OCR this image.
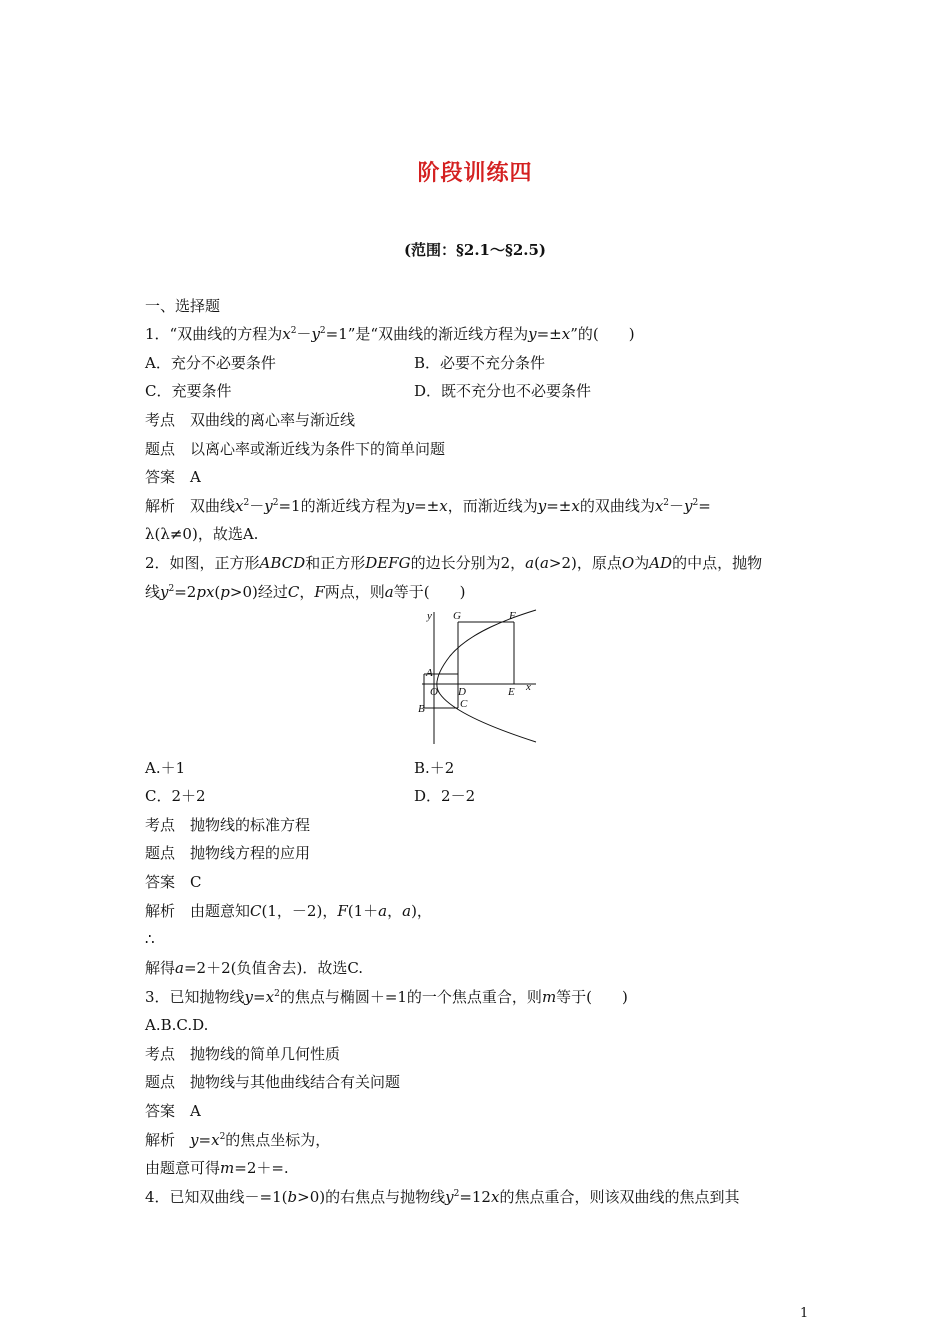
阶段训练四
(范围：§2.1～§2.5)
一、选择题
1．“双曲线的方程为$x^2-y^2=1$”是“双曲线的渐近线方程为y=±x”的(　　)
A．充分不必要条件	B．必要不充分条件
C．充要条件	D．既不充分也不必要条件
考点　 双曲线的离心率与渐近线
题点　 以离心率或渐近线为条件下的简单问题
答案　 A
解析　 双曲线$x^2-y^2=1$的渐近线方程为y=±x，而渐近线为y=±x的双曲线为$x^2-y^2=$
λ(λ≠0)，故选A.
2．如图，正方形ABCD和正方形DEFG的边长分别为2，a(a>2)，原点O为AD的中点，抛物
线$y^2=2px(p>0)$经过C，F两点，则a等于(　　)
y
x
G	F
A
O D	E
B	C
A.＋1	B.＋2
C．2＋2	D．2－2
考点　 抛物线的标准方程
题点　 抛物线方程的应用
答案　 C
解析　 由题意知C(1，－2)，F(1＋a，a)，
∴
解得a=2＋2(负值舍去)．故选C.
3．已知抛物线$y=x^2$的焦点与椭圆＋=1的一个焦点重合，则m等于(　　)
A.B.C.D.
考点　 抛物线的简单几何性质
题点　 抛物线与其他曲线结合有关问题
答案　 A
解析　 $y=x^2$的焦点坐标为，
由题意可得m=2＋=.
4．已知双曲线－=1(b>0)的右焦点与抛物线$y^2=12x$的焦点重合，则该双曲线的焦点到其
1
